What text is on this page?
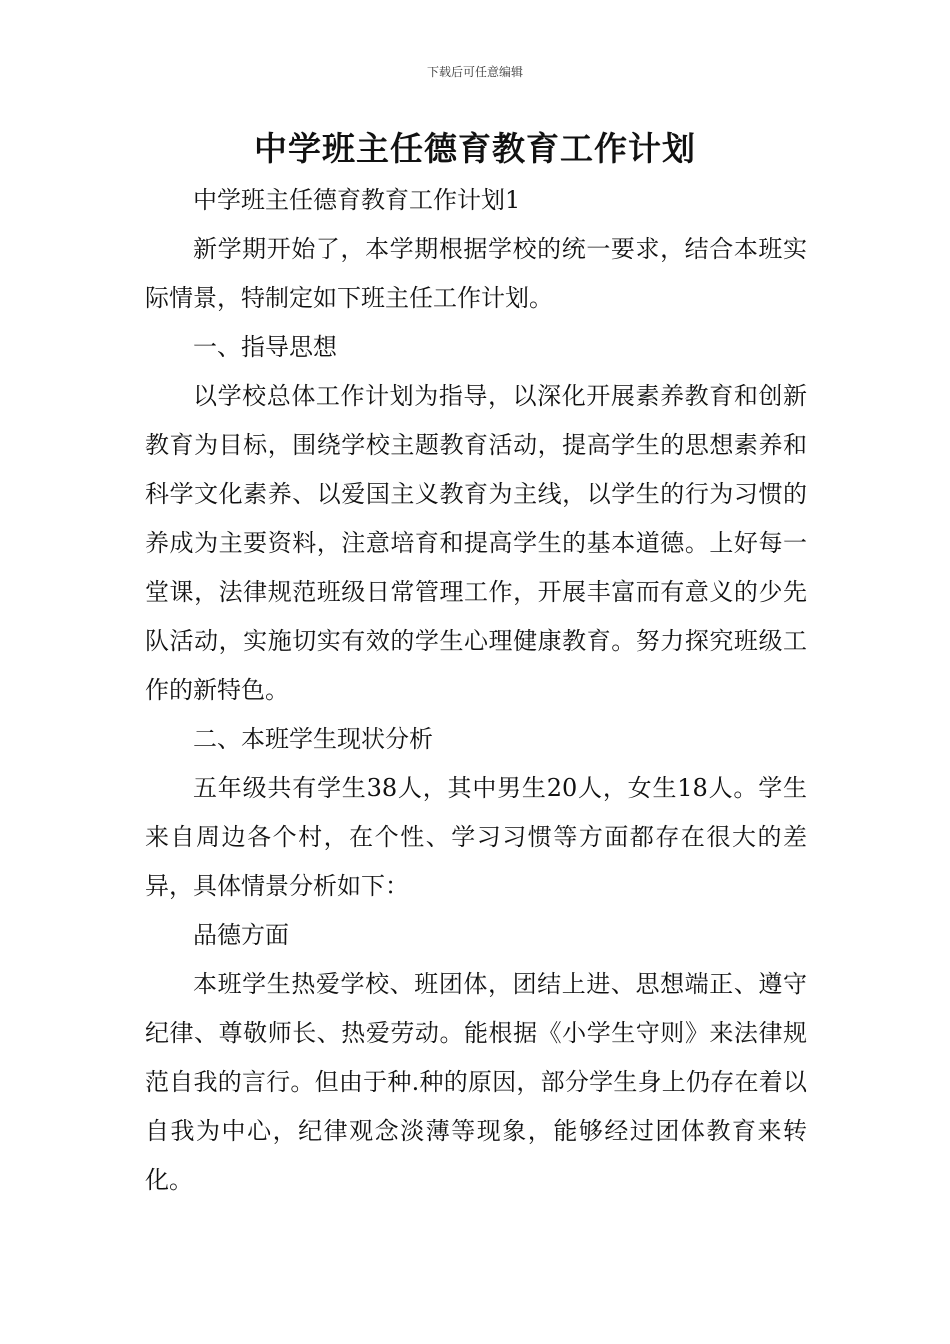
下载后可任意编辑
中学班主任德育教育工作计划

中学班主任德育教育工作计划1

新学期开始了，本学期根据学校的统一要求，结合本班实际情景，特制定如下班主任工作计划。

一、指导思想

以学校总体工作计划为指导，以深化开展素养教育和创新教育为目标，围绕学校主题教育活动，提高学生的思想素养和科学文化素养、以爱国主义教育为主线，以学生的行为习惯的养成为主要资料，注意培育和提高学生的基本道德。上好每一堂课，法律规范班级日常管理工作，开展丰富而有意义的少先队活动，实施切实有效的学生心理健康教育。努力探究班级工作的新特色。

二、本班学生现状分析

五年级共有学生38人，其中男生20人，女生18人。学生来自周边各个村，在个性、学习习惯等方面都存在很大的差异，具体情景分析如下：

品德方面

本班学生热爱学校、班团体，团结上进、思想端正、遵守纪律、尊敬师长、热爱劳动。能根据《小学生守则》来法律规范自我的言行。但由于种.种的原因，部分学生身上仍存在着以自我为中心，纪律观念淡薄等现象，能够经过团体教育来转化。
